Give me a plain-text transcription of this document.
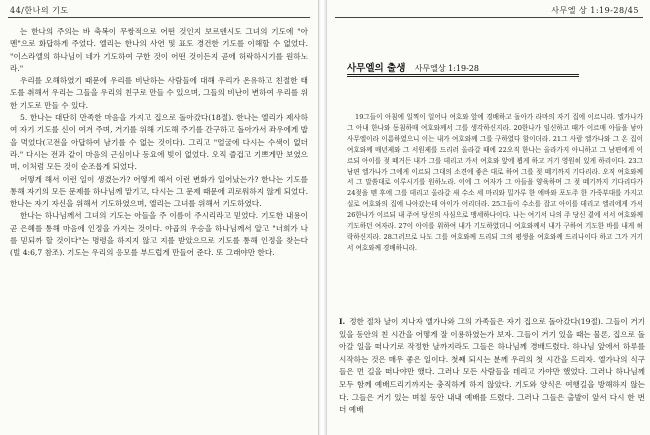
44/한나의 기도

는 한나의 주의는 바 축복이 무쌍적으로 어떤 것인지 보르덴시도 그녀의 기도에 "아멘"으로 화답하게 주었다. 엘리는 한나의 사연 및 표도 경건한 기도를 이해할 수 없었다. "이스라엘의 하나님이 네가 기도하여 구한 것이 어떤 것이든지 곧에 허락하시기를 원하노라."

우리를 오해하였기 때문에 우리를 비난하는 사람들에 대해 우리가 온유하고 친절한 태도를 취해서 우리는 그들을 우리의 친구로 만들 수 있으며, 그들의 비난이 변하여 우리를 위한 기도로 만들 수 있다.

5. 한나는 대단히 만족한 마음을 가지고 집으로 돌아갔다(18절). 한나는 엘리가 제사하여 자기 기도를 신이 여겨 주며, 거기를 위해 기도해 주기를 간구하고 돌아가서 좌우에게 밥을 먹었다(고전을 아답하여 남기를 수 없는 것이다). 그리고 "얼굴에 다시는 수색이 없더라." 다시는 전과 같이 마음의 근심이나 동요에 빚이 없었다. 오직 즐겁고 기쁘게만 보였으며, 이처럼 모든 것이 순조롭게 되었다.

어떻게 해서 이런 일이 생겼는가? 어떻게 해서 이런 변화가 일어났는가? 한나는 기도를 통해 자기의 모든 문제를 하나님께 맡기고, 다시는 그 문제 때문에 괴로워하지 않게 되었다. 한나는 자기 자신을 위해서 기도하였으며, 엘리는 그녀를 위해서 기도하였다.

한나는 하나님께서 그녀의 기도는 아들을 주 이름이 주시리라고 믿었다. 기도한 내용이 곧 은혜를 통해 마음에 인정을 가지는 것이다. 야곱의 우승을 하나님께서 알고 "너희가 나를 믿되까 할 것이다"는 명령을 하지지 않고 지를 받았으므로 기도를 통해 인정을 찾는다(빌 4:6,7 참조). 기도는 우리의 응모를 부드럽게 만들어 준다. 또 그래야만 한다.

사무엘 상 1:19-28/45
사무엘의 출생 사무엘상 1:19-28

19그들이 아침에 일찍이 일어나 여호와 앞에 경배하고 돌아가 라마의 자기 집에 이르니라. 엘가나가 그 아내 한나와 동침하매 여호와께서 그를 생각하신지라. 20한나가 임신하고 때가 이르매 아들을 낳아 사무엘이라 이름하였으니 이는 내가 여호와께 그를 구하였다 함이더라. 21그 사람 엘가나와 그 온 집이 여호와께 매년제와 그 서원제를 드리러 올라갈 때에 22오직 한나는 올라가지 아니하고 그 남편에게 이르되 아이를 젖 떼거든 내가 그를 데리고 가서 여호와 앞에 뵙게 하고 거기 영원히 있게 하리이다. 23그 남편 엘가나가 그에게 이르되 그대의 소견에 좋은 대로 하여 그를 젖 떼기까지 기다리라. 오직 여호와께서 그 말씀대로 이루시기를 원하노라. 이에 그 여자가 그 아들을 양육하며 그 젖 떼기까지 기다리다가 24젖을 뗀 후에 그를 데리고 올라갈 새 수소 세 마리와 밀가루 한 에바와 포도주 한 가죽부대를 가지고 실로 여호와의 집에 나아갔는데 아이가 어리더라. 25그들이 수소를 잡고 아이를 데리고 엘리에게 가서 26한나가 이르되 내 주여 당신의 사심으로 맹세하나이다. 나는 여기서 나의 주 당신 곁에 서서 여호와께 기도하던 여자라. 27이 아이를 위하여 내가 기도하였더니 여호와께서 내가 구하여 기도한 바를 내게 허락하신지라. 28그러므로 나도 그를 여호와께 드리되 그의 평생을 여호와께 드리나이다 하고 그가 거기서 여호와께 경배하니라.

I. 정한 절차 날이 지나자 엘가나와 그의 가족들은 자기 집으로 돌아갔다(19절). 그들이 거기 있을 동안의 친 시간을 어떻게 잘 이용하였는가 보자. 그들이 거기 있을 때는 물론, 집으로 돌아갈 일을 떠나기로 작정한 날까지라도 그들은 하나님께 경배드렸다. 하나님 앞에서 하루를 시작하는 것은 매우 좋은 일이다. 첫째 되시는 분께 우리의 첫 시간을 드리자. 엘가나의 식구들은 먼 길을 떠나야만 했다. 그러나 모든 사람들을 데리고 가야만 했었다. 그러나 하나님께 모두 함께 예배드리기까지는 충직하게 하지 않았다. 기도와 양식은 여행길을 방해하지 않는다. 그들은 거기 있는 며칠 동안 내내 예배를 드렸다. 그러나 그들은 출발이 앞서 다시 한 번 더 예배
